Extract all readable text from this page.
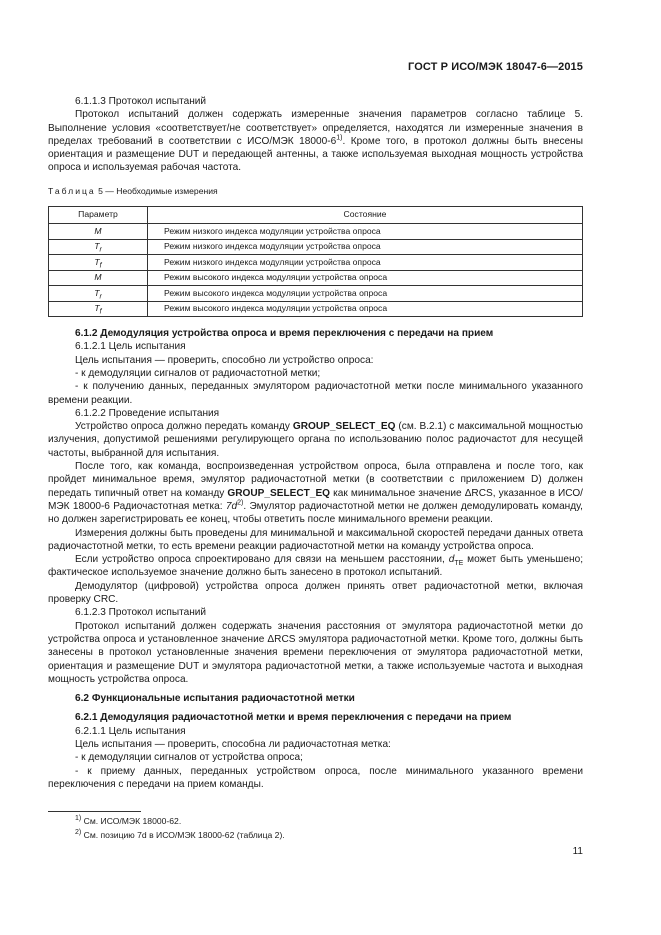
ГОСТ Р ИСО/МЭК 18047-6—2015

6.1.1.3 Протокол испытаний

Протокол испытаний должен содержать измеренные значения параметров согласно таблице 5. Выполнение условия «соответствует/не соответствует» определяется, находятся ли измеренные значения в пределах требований в соответствии с ИСО/МЭК 18000-6$^{1)}$. Кроме того, в протокол должны быть внесены ориентация и размещение DUT и передающей антенны, а также используемая выходная мощность устройства опроса и используемая рабочая частота.

Таблица 5 — Необходимые измерения
Параметр	Состояние
M	Режим низкого индекса модуляции устройства опроса
$T_r$	Режим низкого индекса модуляции устройства опроса
$T_f$	Режим низкого индекса модуляции устройства опроса
M	Режим высокого индекса модуляции устройства опроса
$T_r$	Режим высокого индекса модуляции устройства опроса
$T_f$	Режим высокого индекса модуляции устройства опроса

6.1.2 Демодуляция устройства опроса и время переключения с передачи на прием

6.1.2.1 Цель испытания

Цель испытания — проверить, способно ли устройство опроса:

- к демодуляции сигналов от радиочастотной метки;

- к получению данных, переданных эмулятором радиочастотной метки после минимального указанного времени реакции.

6.1.2.2 Проведение испытания

Устройство опроса должно передать команду GROUP_SELECT_EQ (см. В.2.1) с максимальной мощностью излучения, допустимой решениями регулирующего органа по использованию полос радиочастот для несущей частоты, выбранной для испытания.

После того, как команда, воспроизведенная устройством опроса, была отправлена и после того, как пройдет минимальное время, эмулятор радиочастотной метки (в соответствии с приложением D) должен передать типичный ответ на команду GROUP_SELECT_EQ как минимальное значение ΔRCS, указанное в ИСО/МЭК 18000-6 Радиочастотная метка: $7d^{2)}$. Эмулятор радиочастотной метки не должен демодулировать команду, но должен зарегистрировать ее конец, чтобы ответить после минимального времени реакции.

Измерения должны быть проведены для минимальной и максимальной скоростей передачи данных ответа радиочастотной метки, то есть времени реакции радиочастотной метки на команду устройства опроса.

Если устройство опроса спроектировано для связи на меньшем расстоянии, $d_{TE}$ может быть уменьшено; фактическое используемое значение должно быть занесено в протокол испытаний.

Демодулятор (цифровой) устройства опроса должен принять ответ радиочастотной метки, включая проверку CRC.

6.1.2.3 Протокол испытаний

Протокол испытаний должен содержать значения расстояния от эмулятора радиочастотной метки до устройства опроса и установленное значение ΔRCS эмулятора радиочастотной метки. Кроме того, должны быть занесены в протокол установленные значения времени переключения от эмулятора радиочастотной метки, ориентация и размещение DUT и эмулятора радиочастотной метки, а также используемые частота и выходная мощность устройства опроса.

6.2 Функциональные испытания радиочастотной метки

6.2.1 Демодуляция радиочастотной метки и время переключения с передачи на прием

6.2.1.1 Цель испытания

Цель испытания — проверить, способна ли радиочастотная метка:

- к демодуляции сигналов от устройства опроса;

- к приему данных, переданных устройством опроса, после минимального указанного времени переключения с передачи на прием команды.

$^{1)}$ См. ИСО/МЭК 18000-62.
$^{2)}$ См. позицию 7d в ИСО/МЭК 18000-62 (таблица 2).
11
